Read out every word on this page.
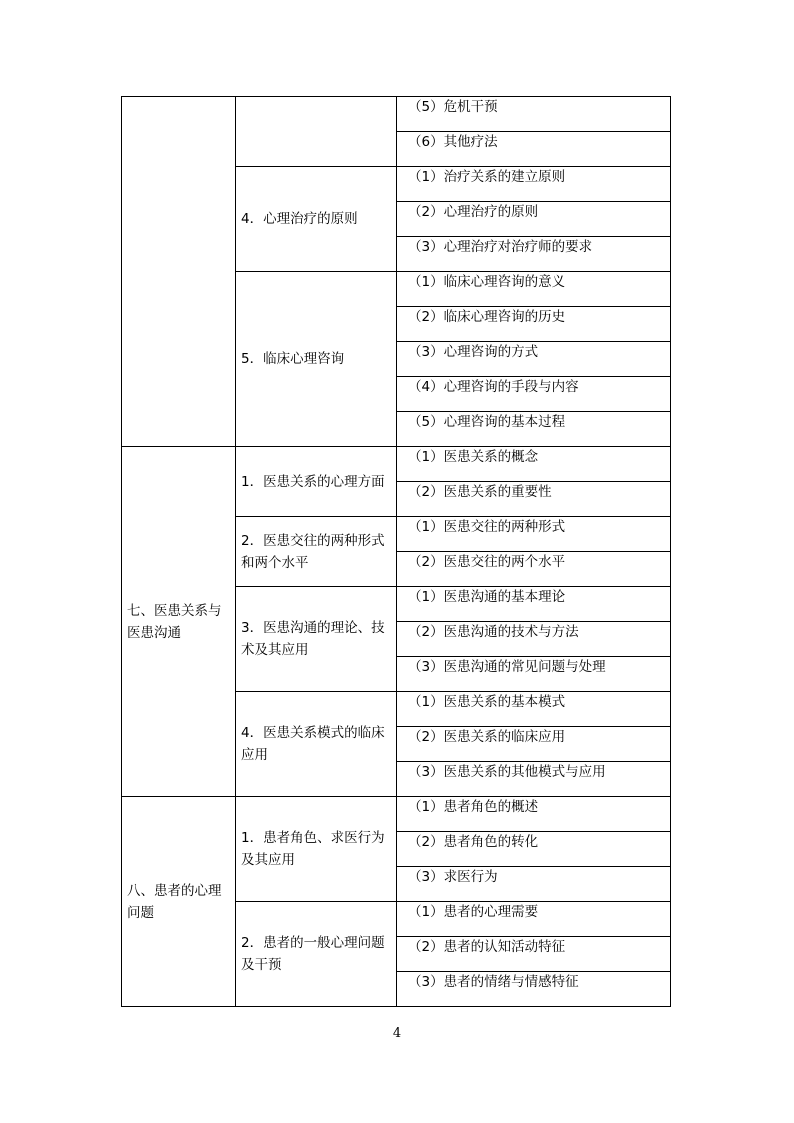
		（5）危机干预

		（6）其他疗法

	4．心理治疗的原则	（1）治疗关系的建立原则

		（2）心理治疗的原则

		（3）心理治疗对治疗师的要求

	5．临床心理咨询	（1）临床心理咨询的意义

		（2）临床心理咨询的历史

		（3）心理咨询的方式

		（4）心理咨询的手段与内容

		（5）心理咨询的基本过程

七、医患关系与医患沟通	1．医患关系的心理方面	（1）医患关系的概念

		（2）医患关系的重要性

	2．医患交往的两种形式和两个水平	（1）医患交往的两种形式

		（2）医患交往的两个水平

	3．医患沟通的理论、技术及其应用	（1）医患沟通的基本理论

		（2）医患沟通的技术与方法

		（3）医患沟通的常见问题与处理

	4．医患关系模式的临床应用	（1）医患关系的基本模式

		（2）医患关系的临床应用

		（3）医患关系的其他模式与应用

八、患者的心理问题	1．患者角色、求医行为及其应用	（1）患者角色的概述

		（2）患者角色的转化

		（3）求医行为

	2．患者的一般心理问题及干预	（1）患者的心理需要

		（2）患者的认知活动特征

		（3）患者的情绪与情感特征
4
